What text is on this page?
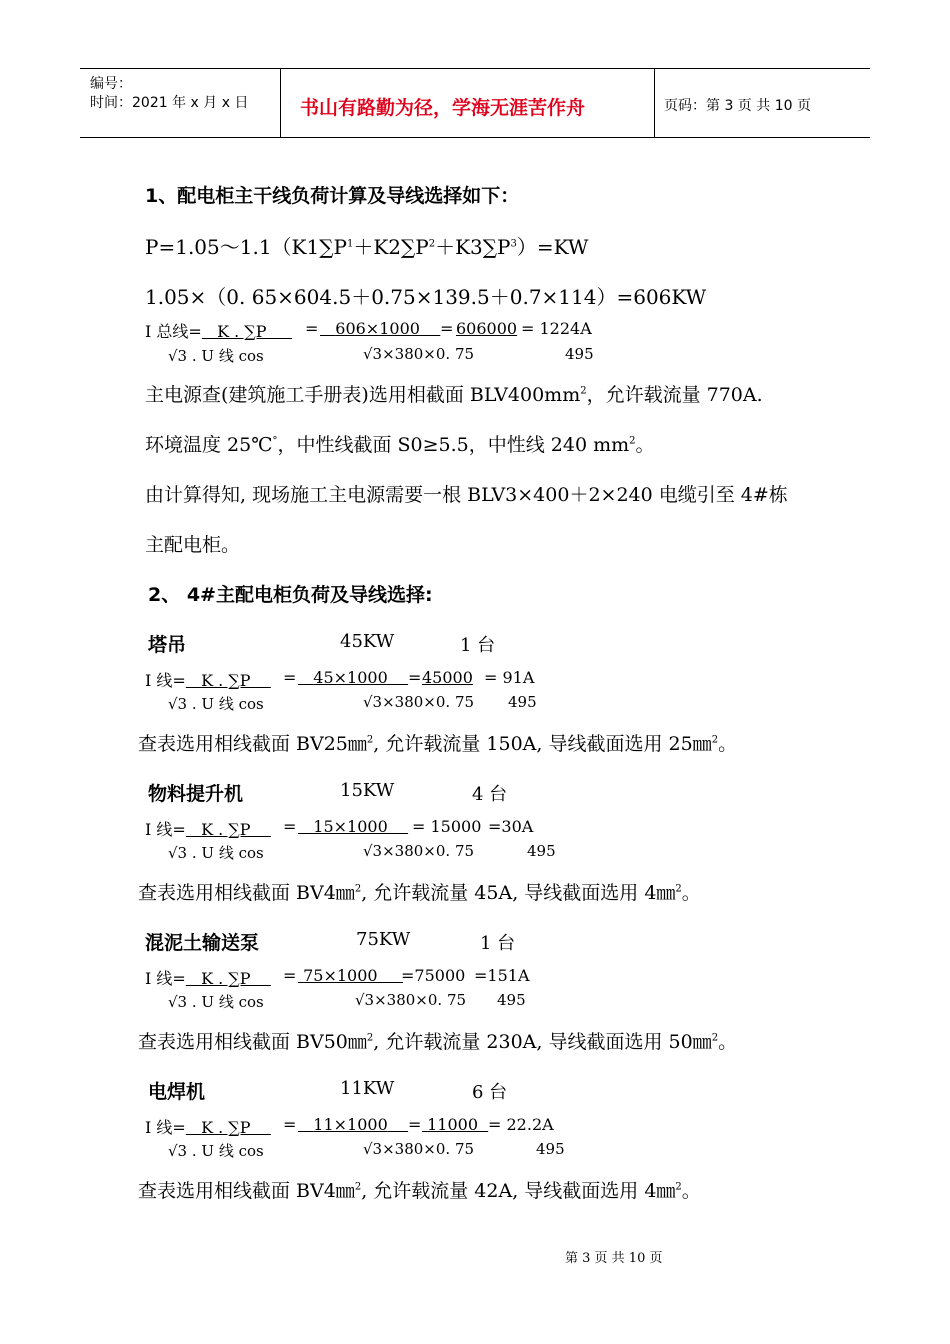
编号：
时间：2021 年 x 月 x 日	书山有路勤为径，学海无涯苦作舟	页码：第 3 页 共 10 页
1、配电柜主干线负荷计算及导线选择如下：
$P=1.05\sim 1.1(K1\sum P^1+K2\sum P^2+K3\sum P^3)=KW$
1.05×（0. 65×604.5＋0.75×139.5＋0.7×114）=606KW
I 总线= K . ∑P	=	606×1000	= 606000 = 1224A
√3 . U 线 cos	√3×380×0. 75	495
主电源查(建筑施工手册表)选用相截面 $BLV400mm^2$，允许载流量 770A.
环境温度 25℃°，中性线截面 S0≥5.5，中性线 240 $mm^2$。
由计算得知, 现场施工主电源需要一根 BLV3×400＋2×240 电缆引至 4#栋
主配电柜。
2、 4#主配电柜负荷及导线选择:
塔吊	45KW	1 台
I 线= K . ∑P	=	45×1000	= 45000 = 91A
√3 . U 线 cos	√3×380×0. 75 495
查表选用相线截面 BV25㎜$^2$, 允许载流量 150A, 导线截面选用 25㎜$^2$。
物料提升机	15KW	4 台
I 线= K . ∑P	=	15×1000	= 15000 =30A
√3 . U 线 cos	√3×380×0. 75	495
查表选用相线截面 BV4㎜$^2$, 允许载流量 45A, 导线截面选用 4㎜$^2$。
混泥土输送泵	75KW	1 台
I 线= K . ∑P	= 75×1000	=75000 =151A
√3 . U 线 cos	√3×380×0. 75 495
查表选用相线截面 BV50㎜$^2$, 允许载流量 230A, 导线截面选用 50㎜$^2$。
电焊机	11KW	6 台
I 线= K . ∑P	=	11×1000	= 11000 = 22.2A
√3 . U 线 cos	√3×380×0. 75	495
查表选用相线截面 BV4㎜$^2$, 允许载流量 42A, 导线截面选用 4㎜$^2$。
第 3 页 共 10 页
